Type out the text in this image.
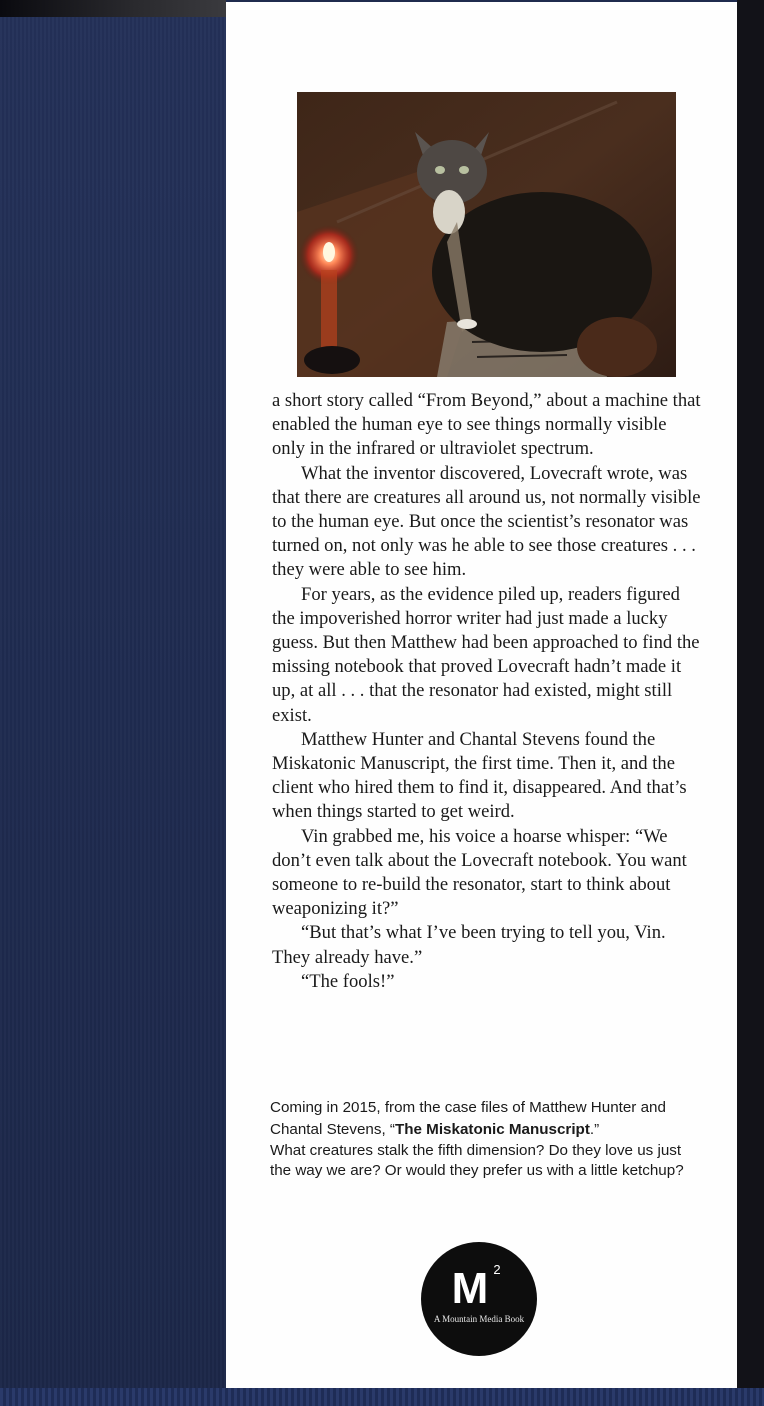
a short story called “From Beyond,” about a machine that enabled the human eye to see things normally visible only in the infrared or ultraviolet spectrum.

What the inventor discovered, Lovecraft wrote, was that there are creatures all around us, not normally visible to the human eye. But once the scientist’s resonator was turned on, not only was he able to see those creatures . . . they were able to see him.

For years, as the evidence piled up, readers figured the impoverished horror writer had just made a lucky guess. But then Matthew had been approached to find the missing notebook that proved Lovecraft hadn’t made it up, at all . . . that the resonator had existed, might still exist.

Matthew Hunter and Chantal Stevens found the Miskatonic Manuscript, the first time. Then it, and the client who hired them to find it, disappeared. And that’s when things started to get weird.

Vin grabbed me, his voice a hoarse whisper: “We don’t even talk about the Lovecraft notebook. You want someone to re-build the resonator, start to think about weaponizing it?”

“But that’s what I’ve been trying to tell you, Vin. They already have.”

“The fools!”

Coming in 2015, from the case files of Matthew Hunter and Chantal Stevens, “The Miskatonic Manuscript.”
What creatures stalk the fifth dimension? Do they love us just the way we are? Or would they prefer us with a little ketchup?
M 2
A Mountain Media Book
